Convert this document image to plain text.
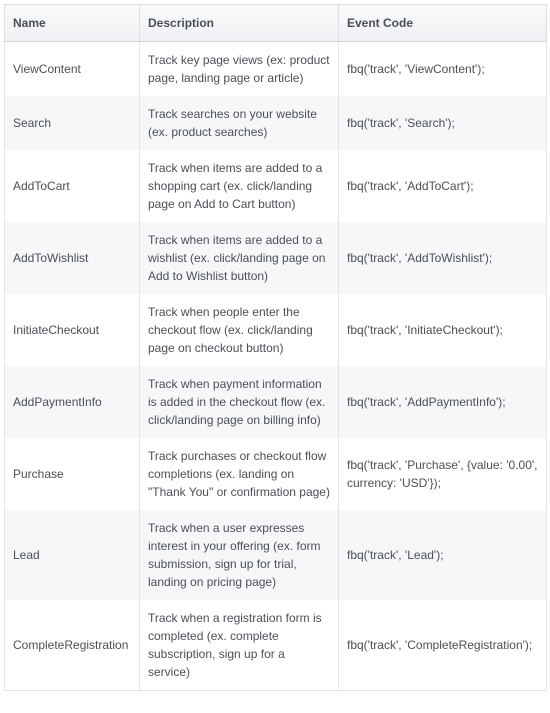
Name	Description	Event Code
ViewContent	Track key page views (ex: product page, landing page or article)	fbq('track', 'ViewContent');
Search	Track searches on your website (ex. product searches)	fbq('track', 'Search');
AddToCart	Track when items are added to a shopping cart (ex. click/landing page on Add to Cart button)	fbq('track', 'AddToCart');
AddToWishlist	Track when items are added to a wishlist (ex. click/landing page on Add to Wishlist button)	fbq('track', 'AddToWishlist');
InitiateCheckout	Track when people enter the checkout flow (ex. click/landing page on checkout button)	fbq('track', 'InitiateCheckout');
AddPaymentInfo	Track when payment information is added in the checkout flow (ex. click/landing page on billing info)	fbq('track', 'AddPaymentInfo');
Purchase	Track purchases or checkout flow completions (ex. landing on "Thank You" or confirmation page)	fbq('track', 'Purchase', {value: '0.00', currency: 'USD'});
Lead	Track when a user expresses interest in your offering (ex. form submission, sign up for trial, landing on pricing page)	fbq('track', 'Lead');
CompleteRegistration	Track when a registration form is completed (ex. complete subscription, sign up for a service)	fbq('track', 'CompleteRegistration');
